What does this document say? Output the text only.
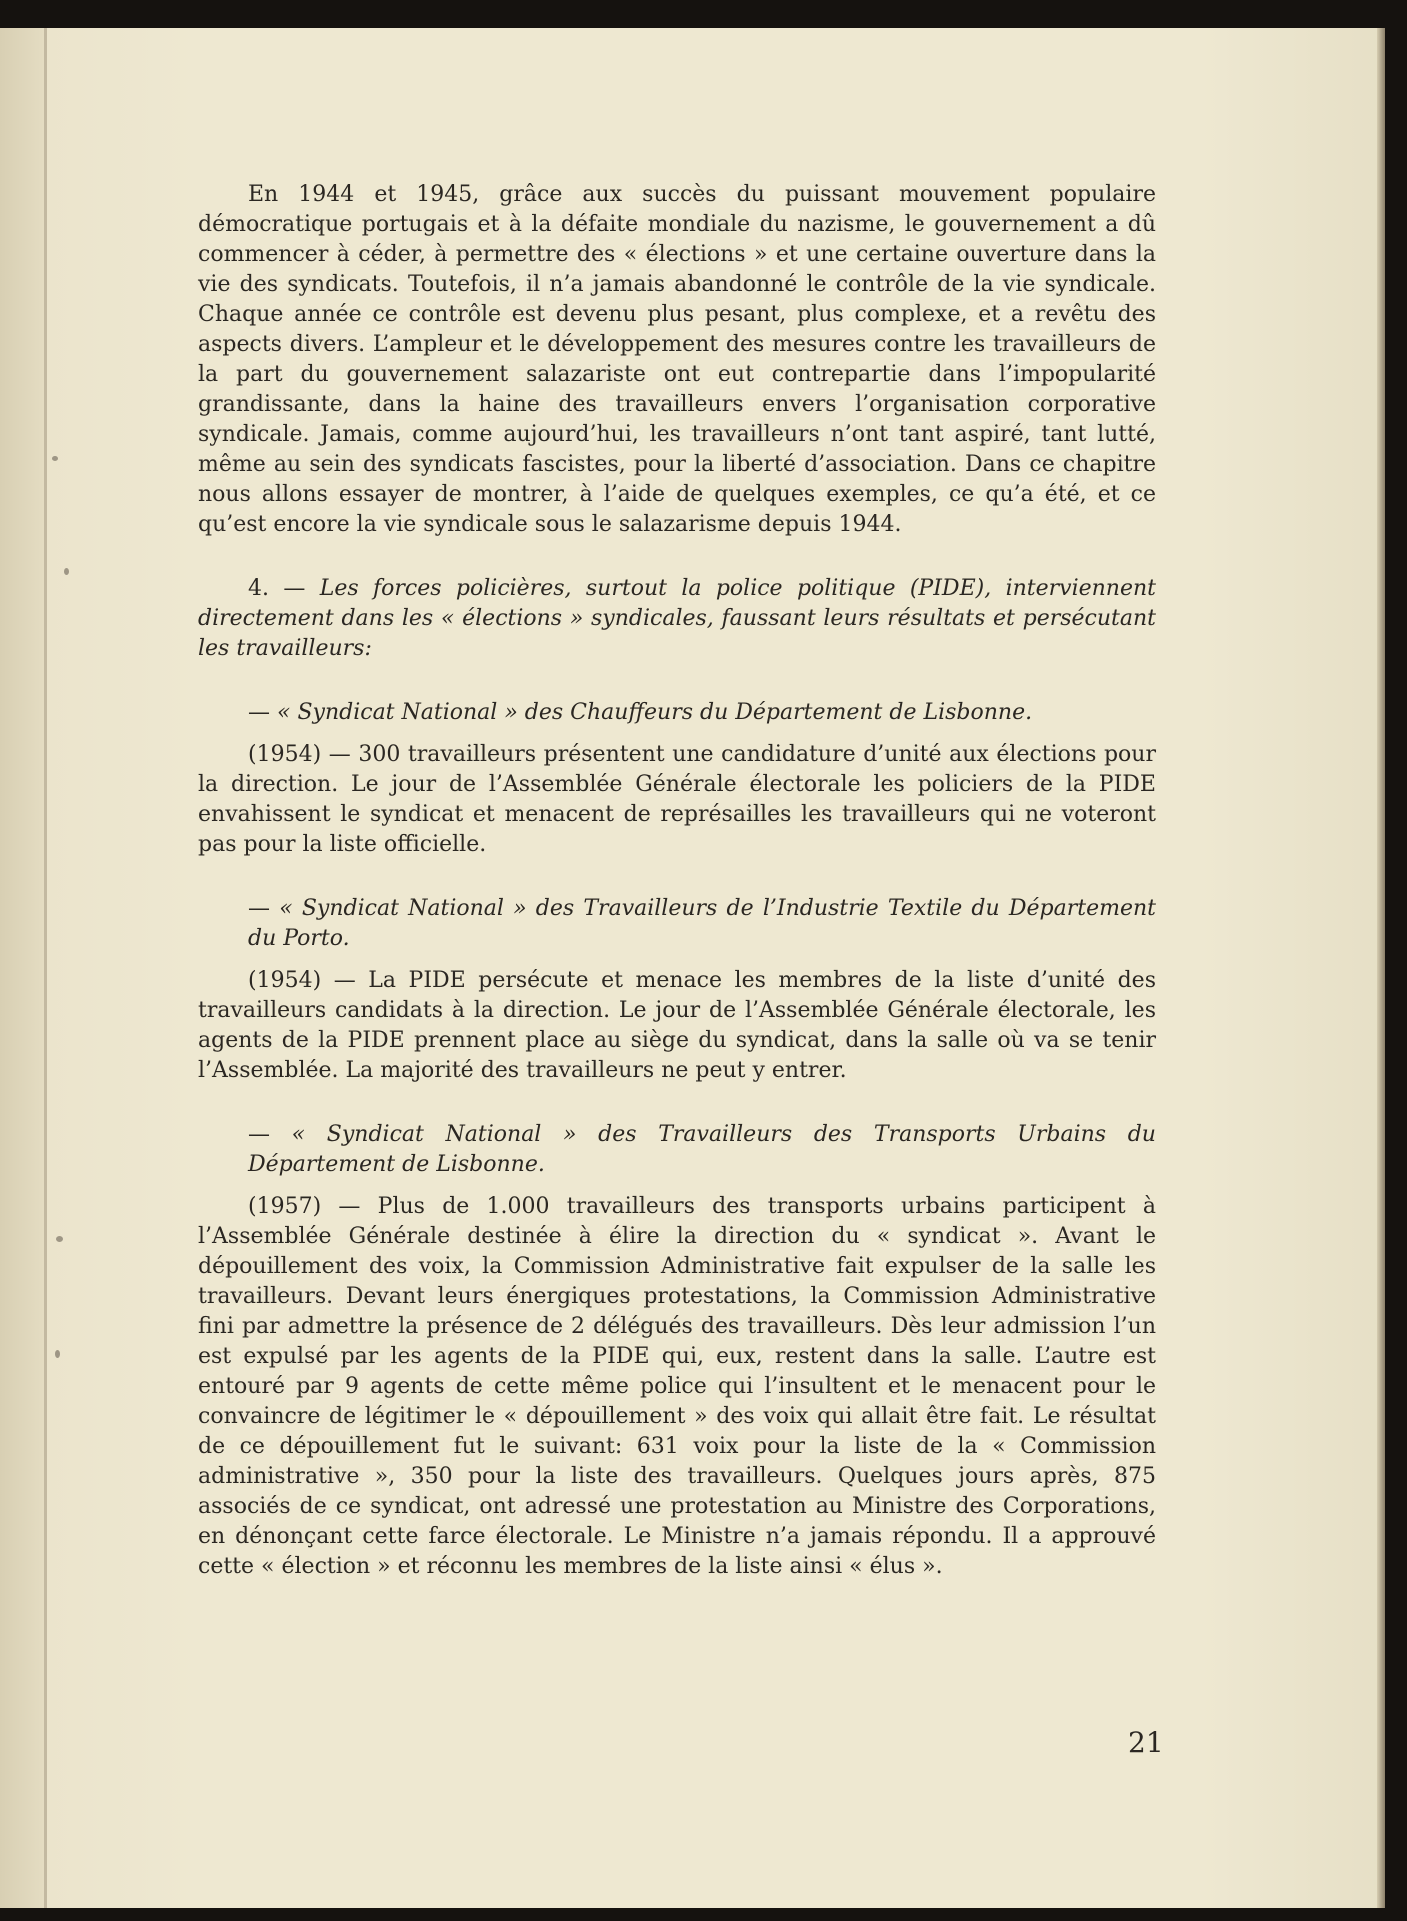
En 1944 et 1945, grâce aux succès du puissant mouvement populaire démocratique portugais et à la défaite mondiale du nazisme, le gouvernement a dû commencer à céder, à permettre des « élections » et une certaine ouverture dans la vie des syndicats. Toutefois, il n’a jamais abandonné le contrôle de la vie syndicale. Chaque année ce contrôle est devenu plus pesant, plus complexe, et a revêtu des aspects divers. L’ampleur et le développement des mesures contre les travailleurs de la part du gouvernement salazariste ont eut contrepartie dans l’impopularité grandissante, dans la haine des travailleurs envers l’organisation corporative syndicale. Jamais, comme aujourd’hui, les travailleurs n’ont tant aspiré, tant lutté, même au sein des syndicats fascistes, pour la liberté d’association. Dans ce chapitre nous allons essayer de montrer, à l’aide de quelques exemples, ce qu’a été, et ce qu’est encore la vie syndicale sous le salazarisme depuis 1944.

4. — Les forces policières, surtout la police politique (PIDE), interviennent directement dans les « élections » syndicales, faussant leurs résultats et persécutant les travailleurs:

— « Syndicat National » des Chauffeurs du Département de Lisbonne.

(1954) — 300 travailleurs présentent une candidature d’unité aux élections pour la direction. Le jour de l’Assemblée Générale électorale les policiers de la PIDE envahissent le syndicat et menacent de représailles les travailleurs qui ne voteront pas pour la liste officielle.

— « Syndicat National » des Travailleurs de l’Industrie Textile du Département du Porto.

(1954) — La PIDE persécute et menace les membres de la liste d’unité des travailleurs candidats à la direction. Le jour de l’Assemblée Générale électorale, les agents de la PIDE prennent place au siège du syndicat, dans la salle où va se tenir l’Assemblée. La majorité des travailleurs ne peut y entrer.

— « Syndicat National » des Travailleurs des Transports Urbains du Département de Lisbonne.

(1957) — Plus de 1.000 travailleurs des transports urbains participent à l’Assemblée Générale destinée à élire la direction du « syndicat ». Avant le dépouillement des voix, la Commission Administrative fait expulser de la salle les travailleurs. Devant leurs énergiques protestations, la Commission Administrative fini par admettre la présence de 2 délégués des travailleurs. Dès leur admission l’un est expulsé par les agents de la PIDE qui, eux, restent dans la salle. L’autre est entouré par 9 agents de cette même police qui l’insultent et le menacent pour le convaincre de légitimer le « dépouillement » des voix qui allait être fait. Le résultat de ce dépouillement fut le suivant: 631 voix pour la liste de la « Commission administrative », 350 pour la liste des travailleurs. Quelques jours après, 875 associés de ce syndicat, ont adressé une protestation au Ministre des Corporations, en dénonçant cette farce électorale. Le Ministre n’a jamais répondu. Il a approuvé cette « élection » et réconnu les membres de la liste ainsi « élus ».

21
